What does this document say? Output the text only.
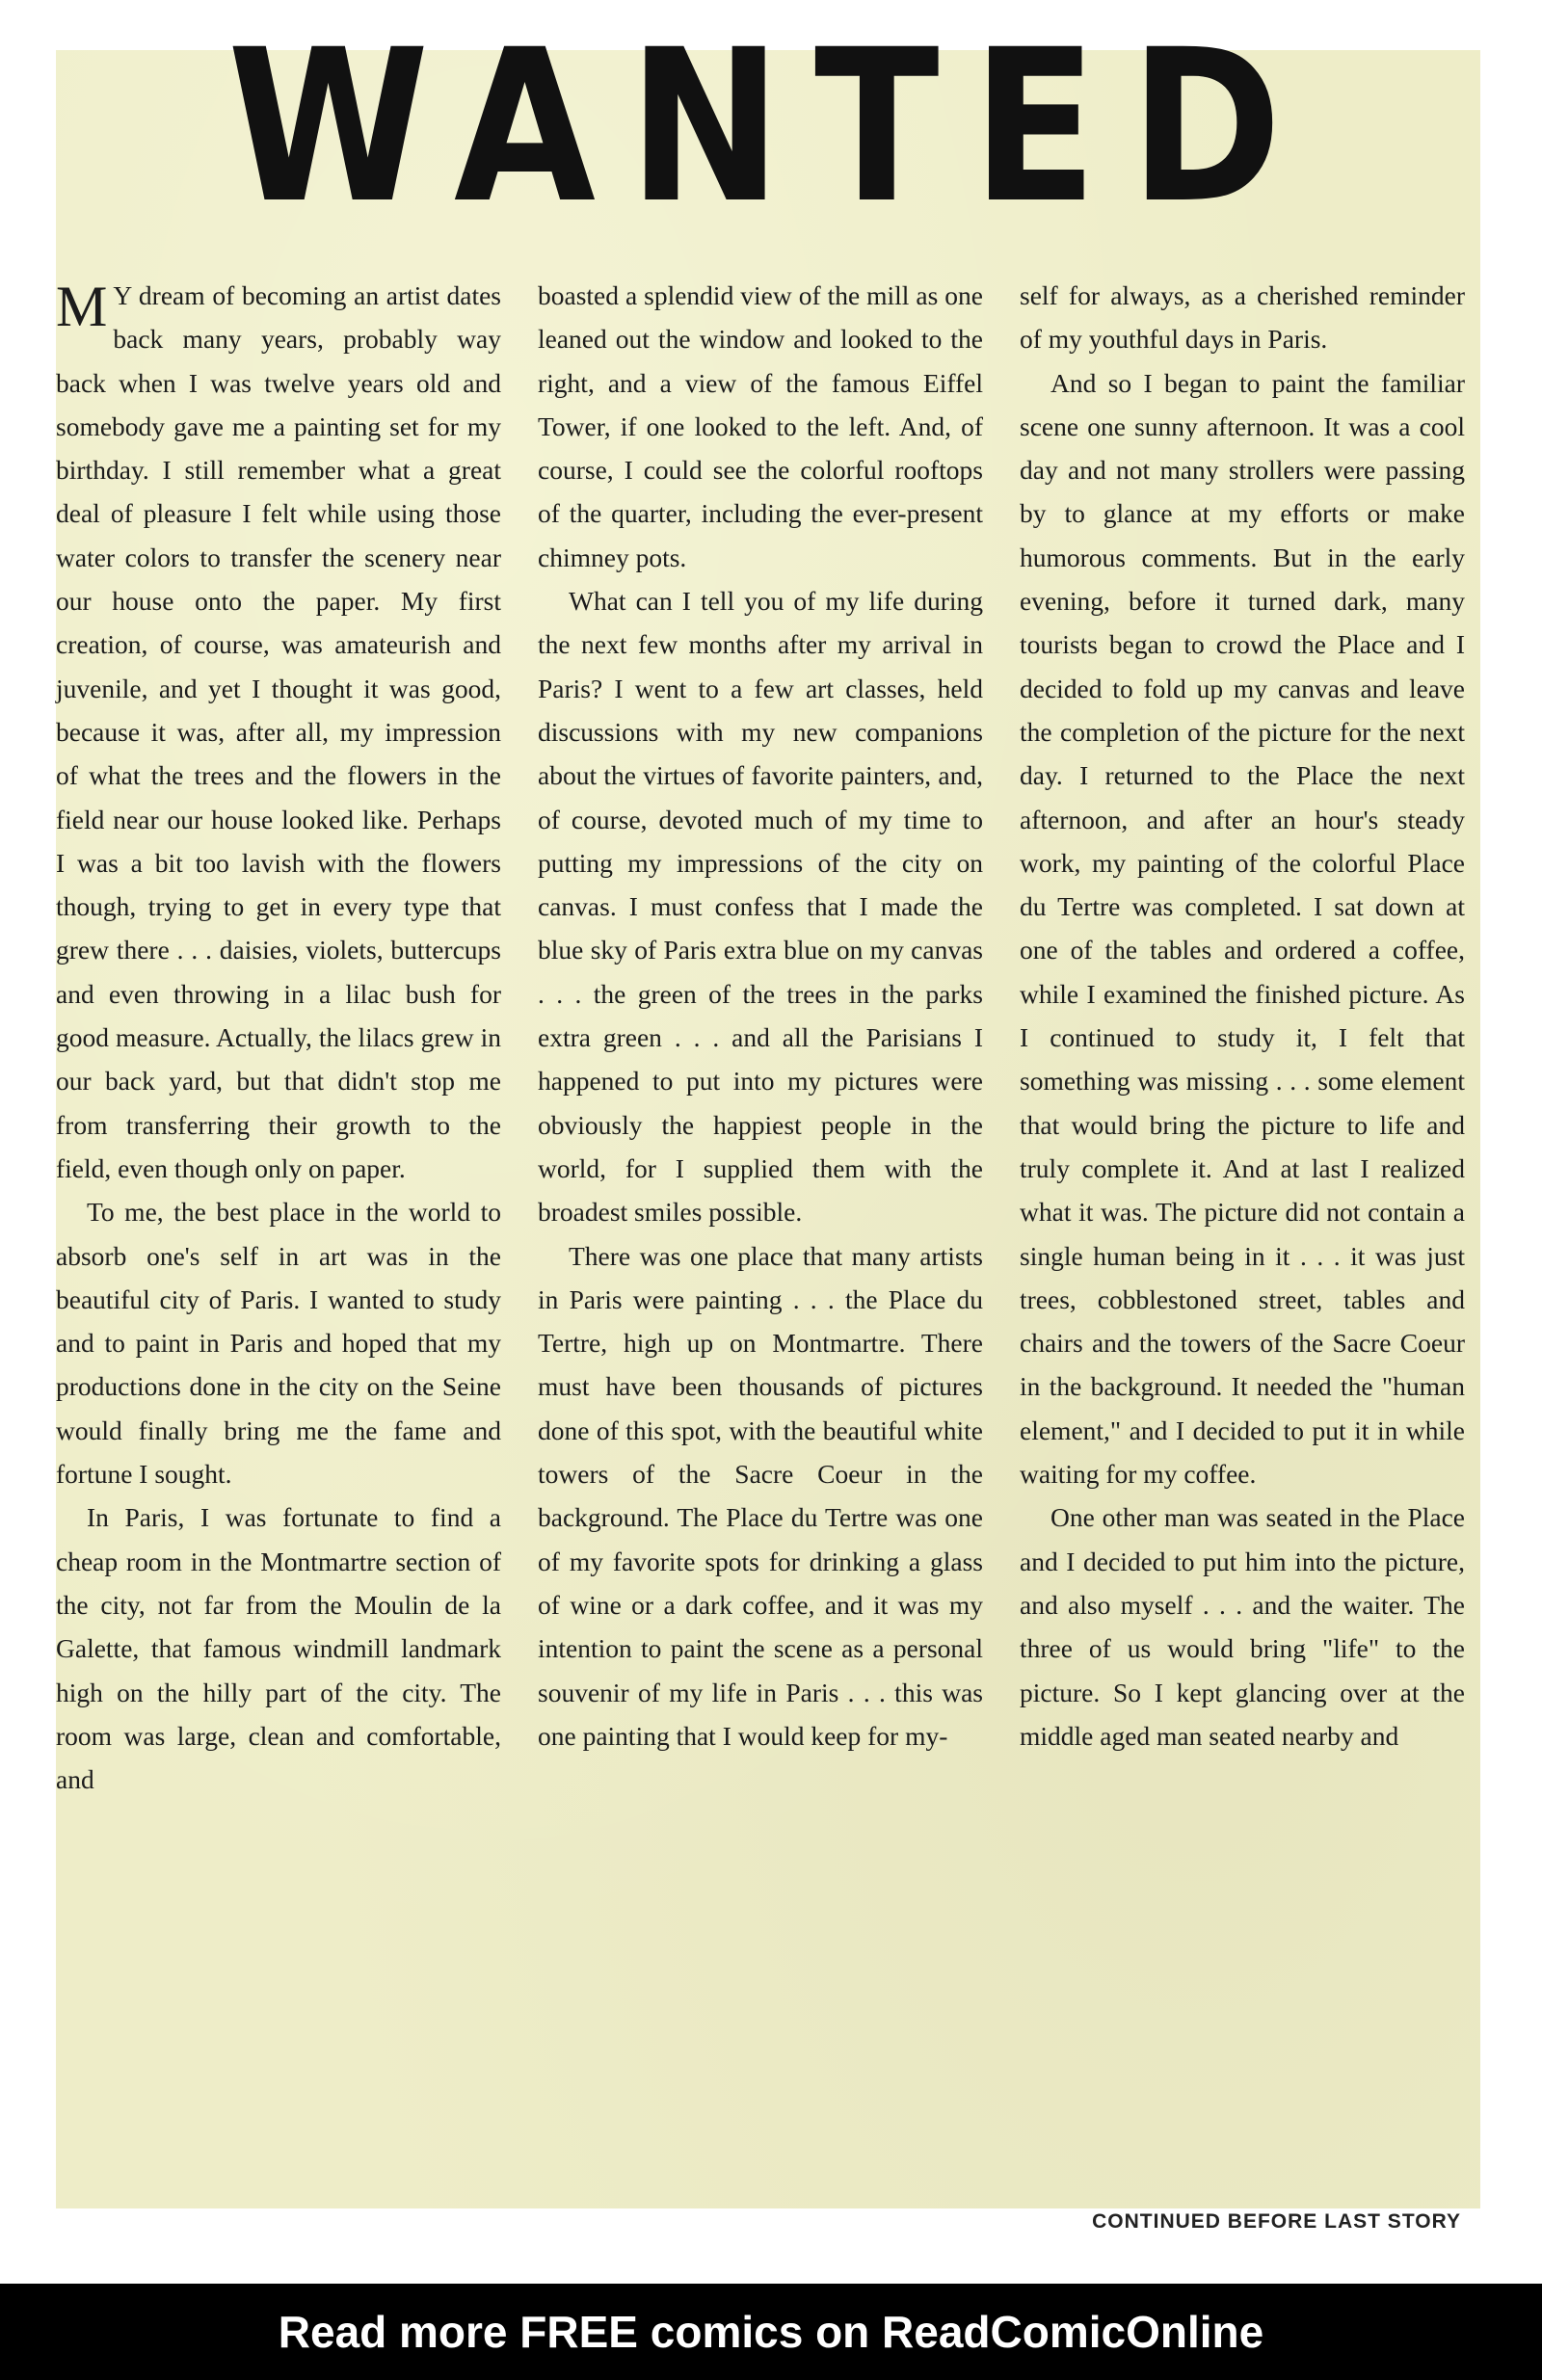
WANTED

M Y dream of becoming an artist dates back many years, probably way back when I was twelve years old and somebody gave me a painting set for my birthday. I still remember what a great deal of pleasure I felt while using those water colors to transfer the scenery near our house onto the paper. My first creation, of course, was amateurish and juvenile, and yet I thought it was good, because it was, after all, my impression of what the trees and the flowers in the field near our house looked like. Perhaps I was a bit too lavish with the flowers though, trying to get in every type that grew there . . . daisies, violets, buttercups and even throwing in a lilac bush for good measure. Actually, the lilacs grew in our back yard, but that didn't stop me from transferring their growth to the field, even though only on paper.

To me, the best place in the world to absorb one's self in art was in the beautiful city of Paris. I wanted to study and to paint in Paris and hoped that my productions done in the city on the Seine would finally bring me the fame and fortune I sought.

In Paris, I was fortunate to find a cheap room in the Montmartre section of the city, not far from the Moulin de la Galette, that famous windmill landmark high on the hilly part of the city. The room was large, clean and comfortable, and

boasted a splendid view of the mill as one leaned out the window and looked to the right, and a view of the famous Eiffel Tower, if one looked to the left. And, of course, I could see the colorful rooftops of the quarter, including the ever-present chimney pots.

What can I tell you of my life during the next few months after my arrival in Paris? I went to a few art classes, held discussions with my new companions about the virtues of favorite painters, and, of course, devoted much of my time to putting my impressions of the city on canvas. I must confess that I made the blue sky of Paris extra blue on my canvas . . . the green of the trees in the parks extra green . . . and all the Parisians I happened to put into my pictures were obviously the happiest people in the world, for I supplied them with the broadest smiles possible.

There was one place that many artists in Paris were painting . . . the Place du Tertre, high up on Montmartre. There must have been thousands of pictures done of this spot, with the beautiful white towers of the Sacre Coeur in the background. The Place du Tertre was one of my favorite spots for drinking a glass of wine or a dark coffee, and it was my intention to paint the scene as a personal souvenir of my life in Paris . . . this was one painting that I would keep for my-

self for always, as a cherished reminder of my youthful days in Paris.

And so I began to paint the familiar scene one sunny afternoon. It was a cool day and not many strollers were passing by to glance at my efforts or make humorous comments. But in the early evening, before it turned dark, many tourists began to crowd the Place and I decided to fold up my canvas and leave the completion of the picture for the next day. I returned to the Place the next afternoon, and after an hour's steady work, my painting of the colorful Place du Tertre was completed. I sat down at one of the tables and ordered a coffee, while I examined the finished picture. As I continued to study it, I felt that something was missing . . . some element that would bring the picture to life and truly complete it. And at last I realized what it was. The picture did not contain a single human being in it . . . it was just trees, cobblestoned street, tables and chairs and the towers of the Sacre Coeur in the background. It needed the "human element," and I decided to put it in while waiting for my coffee.

One other man was seated in the Place and I decided to put him into the picture, and also myself . . . and the waiter. The three of us would bring "life" to the picture. So I kept glancing over at the middle aged man seated nearby and

CONTINUED BEFORE LAST STORY
Read more FREE comics on ReadComicOnline
